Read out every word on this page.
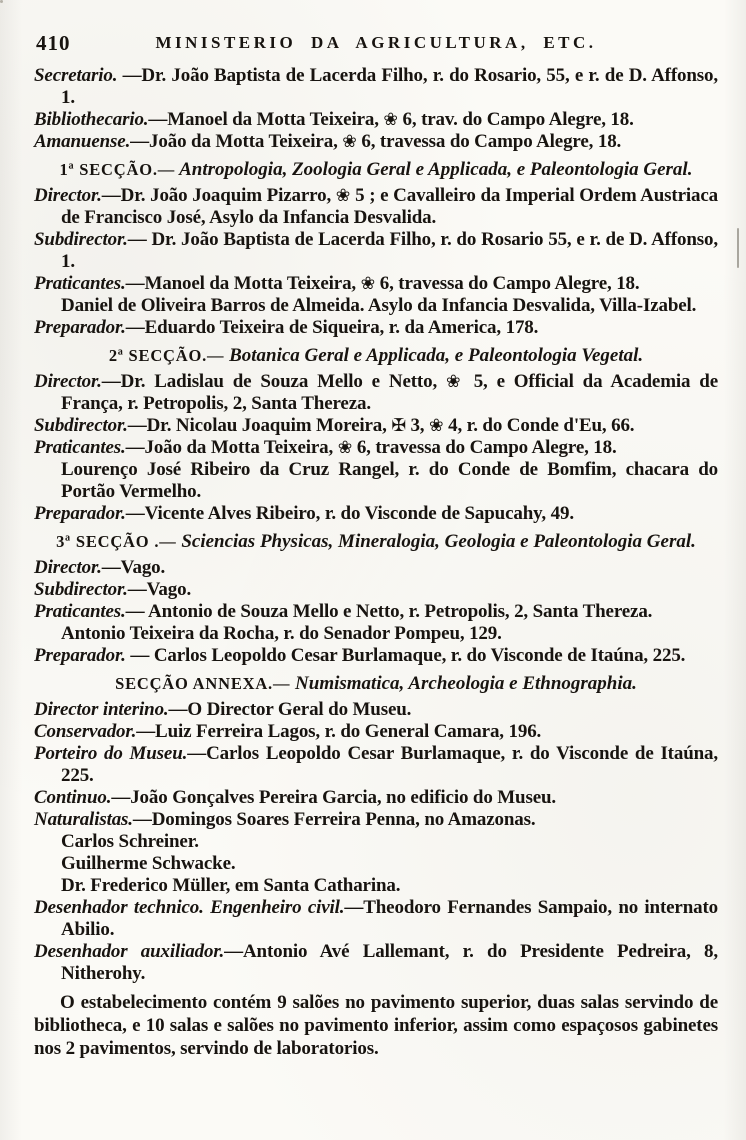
410	MINISTERIO DA AGRICULTURA, ETC.

Secretario. —Dr. João Baptista de Lacerda Filho, r. do Rosario, 55, e r. de D. Affonso, 1.

Bibliothecario.—Manoel da Motta Teixeira, ❀ 6, trav. do Campo Alegre, 18.

Amanuense.—João da Motta Teixeira, ❀ 6, travessa do Campo Alegre, 18.

1ª SECÇÃO.— Antropologia, Zoologia Geral e Applicada, e Paleontologia Geral.

Director.—Dr. João Joaquim Pizarro, ❀ 5 ; e Cavalleiro da Imperial Ordem Austriaca de Francisco José, Asylo da Infancia Desvalida.

Subdirector.— Dr. João Baptista de Lacerda Filho, r. do Rosario 55, e r. de D. Affonso, 1.

Praticantes.—Manoel da Motta Teixeira, ❀ 6, travessa do Campo Alegre, 18.

Daniel de Oliveira Barros de Almeida. Asylo da Infancia Desvalida, Villa-Izabel.

Preparador.—Eduardo Teixeira de Siqueira, r. da America, 178.

2ª SECÇÃO.— Botanica Geral e Applicada, e Paleontologia Vegetal.

Director.—Dr. Ladislau de Souza Mello e Netto, ❀ 5, e Official da Academia de França, r. Petropolis, 2, Santa Thereza.

Subdirector.—Dr. Nicolau Joaquim Moreira, ✠ 3, ❀ 4, r. do Conde d'Eu, 66.

Praticantes.—João da Motta Teixeira, ❀ 6, travessa do Campo Alegre, 18.

Lourenço José Ribeiro da Cruz Rangel, r. do Conde de Bomfim, chacara do Portão Vermelho.

Preparador.—Vicente Alves Ribeiro, r. do Visconde de Sapucahy, 49.

3ª SECÇÃO .— Sciencias Physicas, Mineralogia, Geologia e Paleontologia Geral.

Director.—Vago.

Subdirector.—Vago.

Praticantes.— Antonio de Souza Mello e Netto, r. Petropolis, 2, Santa Thereza.

Antonio Teixeira da Rocha, r. do Senador Pompeu, 129.

Preparador. — Carlos Leopoldo Cesar Burlamaque, r. do Visconde de Itaúna, 225.

SECÇÃO ANNEXA.— Numismatica, Archeologia e Ethnographia.

Director interino.—O Director Geral do Museu.

Conservador.—Luiz Ferreira Lagos, r. do General Camara, 196.

Porteiro do Museu.—Carlos Leopoldo Cesar Burlamaque, r. do Visconde de Itaúna, 225.

Continuo.—João Gonçalves Pereira Garcia, no edificio do Museu.

Naturalistas.—Domingos Soares Ferreira Penna, no Amazonas.

Carlos Schreiner.

Guilherme Schwacke.

Dr. Frederico Müller, em Santa Catharina.

Desenhador technico. Engenheiro civil.—Theodoro Fernandes Sampaio, no internato Abilio.

Desenhador auxiliador.—Antonio Avé Lallemant, r. do Presidente Pedreira, 8, Nitherohy.

O estabelecimento contém 9 salões no pavimento superior, duas salas servindo de bibliotheca, e 10 salas e salões no pavimento inferior, assim como espaçosos gabinetes nos 2 pavimentos, servindo de laboratorios.
